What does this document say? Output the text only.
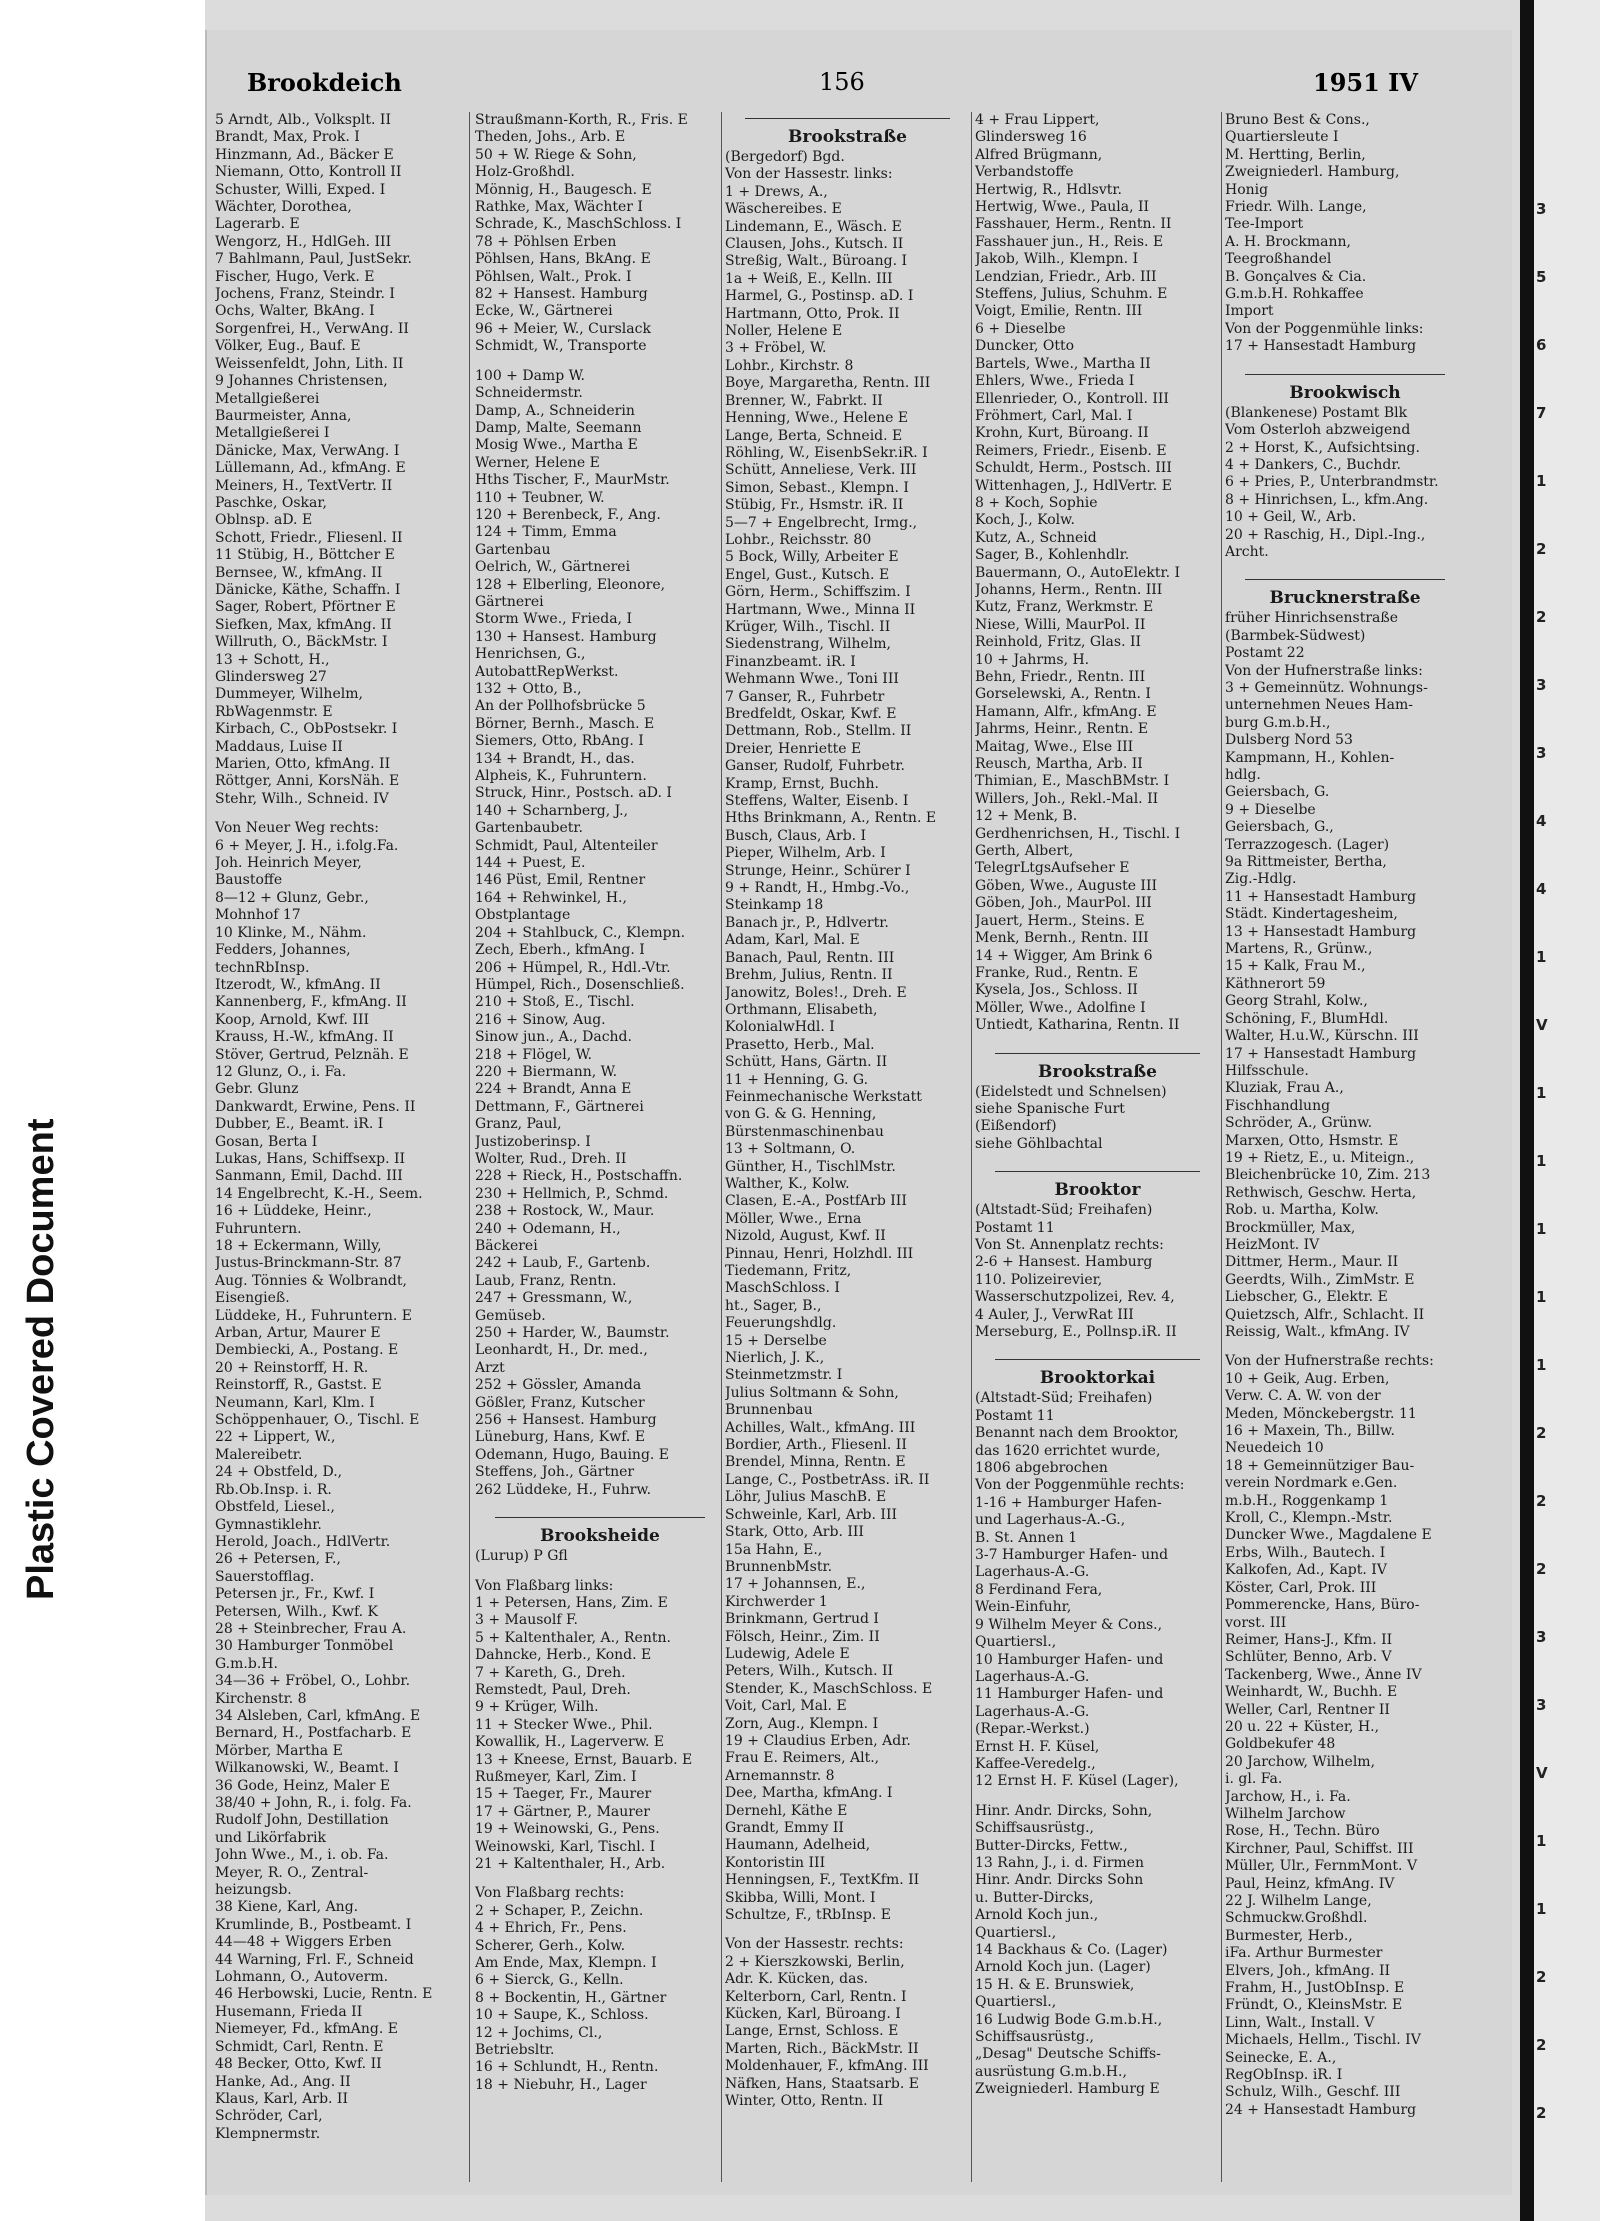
Plastic Covered Document
Brookdeich	156	1951 IV
5 Arndt, Alb., Volksplt. II
Brandt, Max, Prok. I
Hinzmann, Ad., Bäcker E
Niemann, Otto, Kontroll II
Schuster, Willi, Exped. I
Wächter, Dorothea,
Lagerarb. E
Wengorz, H., HdlGeh. III
7 Bahlmann, Paul, JustSekr.
Fischer, Hugo, Verk. E
Jochens, Franz, Steindr. I
Ochs, Walter, BkAng. I
Sorgenfrei, H., VerwAng. II
Völker, Eug., Bauf. E
Weissenfeldt, John, Lith. II
9 Johannes Christensen,
Metallgießerei
Baurmeister, Anna,
Metallgießerei I
Dänicke, Max, VerwAng. I
Lüllemann, Ad., kfmAng. E
Meiners, H., TextVertr. II
Paschke, Oskar,
Oblnsp. aD. E
Schott, Friedr., Fliesenl. II
11 Stübig, H., Böttcher E
Bernsee, W., kfmAng. II
Dänicke, Käthe, Schaffn. I
Sager, Robert, Pförtner E
Siefken, Max, kfmAng. II
Willruth, O., BäckMstr. I
13 + Schott, H.,
Glindersweg 27
Dummeyer, Wilhelm,
RbWagenmstr. E
Kirbach, C., ObPostsekr. I
Maddaus, Luise II
Marien, Otto, kfmAng. II
Röttger, Anni, KorsNäh. E
Stehr, Wilh., Schneid. IV
Von Neuer Weg rechts:
6 + Meyer, J. H., i.folg.Fa.
Joh. Heinrich Meyer,
Baustoffe
8—12 + Glunz, Gebr.,
Mohnhof 17
10 Klinke, M., Nähm.
Fedders, Johannes,
technRbInsp.
Itzerodt, W., kfmAng. II
Kannenberg, F., kfmAng. II
Koop, Arnold, Kwf. III
Krauss, H.-W., kfmAng. II
Stöver, Gertrud, Pelznäh. E
12 Glunz, O., i. Fa.
Gebr. Glunz
Dankwardt, Erwine, Pens. II
Dubber, E., Beamt. iR. I
Gosan, Berta I
Lukas, Hans, Schiffsexp. II
Sanmann, Emil, Dachd. III
14 Engelbrecht, K.-H., Seem.
16 + Lüddeke, Heinr.,
Fuhruntern.
18 + Eckermann, Willy,
Justus-Brinckmann-Str. 87
Aug. Tönnies & Wolbrandt,
Eisengieß.
Lüddeke, H., Fuhruntern. E
Arban, Artur, Maurer E
Dembiecki, A., Postang. E
20 + Reinstorff, H. R.
Reinstorff, R., Gastst. E
Neumann, Karl, Klm. I
Schöppenhauer, O., Tischl. E
22 + Lippert, W.,
Malereibetr.
24 + Obstfeld, D.,
Rb.Ob.Insp. i. R.
Obstfeld, Liesel.,
Gymnastiklehr.
Herold, Joach., HdlVertr.
26 + Petersen, F.,
Sauerstofflag.
Petersen jr., Fr., Kwf. I
Petersen, Wilh., Kwf. K
28 + Steinbrecher, Frau A.
30 Hamburger Tonmöbel
G.m.b.H.
34—36 + Fröbel, O., Lohbr.
Kirchenstr. 8
34 Alsleben, Carl, kfmAng. E
Bernard, H., Postfacharb. E
Mörber, Martha E
Wilkanowski, W., Beamt. I
36 Gode, Heinz, Maler E
38/40 + John, R., i. folg. Fa.
Rudolf John, Destillation
und Likörfabrik
John Wwe., M., i. ob. Fa.
Meyer, R. O., Zentral-
heizungsb.
38 Kiene, Karl, Ang.
Krumlinde, B., Postbeamt. I
44—48 + Wiggers Erben
44 Warning, Frl. F., Schneid
Lohmann, O., Autoverm.
46 Herbowski, Lucie, Rentn. E
Husemann, Frieda II
Niemeyer, Fd., kfmAng. E
Schmidt, Carl, Rentn. E
48 Becker, Otto, Kwf. II
Hanke, Ad., Ang. II
Klaus, Karl, Arb. II
Schröder, Carl,
Klempnermstr.
Straußmann-Korth, R., Fris. E
Theden, Johs., Arb. E
50 + W. Riege & Sohn,
Holz-Großhdl.
Mönnig, H., Baugesch. E
Rathke, Max, Wächter I
Schrade, K., MaschSchloss. I
78 + Pöhlsen Erben
Pöhlsen, Hans, BkAng. E
Pöhlsen, Walt., Prok. I
82 + Hansest. Hamburg
Ecke, W., Gärtnerei
96 + Meier, W., Curslack
Schmidt, W., Transporte
100 + Damp W.
Schneidermstr.
Damp, A., Schneiderin
Damp, Malte, Seemann
Mosig Wwe., Martha E
Werner, Helene E
Hths Tischer, F., MaurMstr.
110 + Teubner, W.
120 + Berenbeck, F., Ang.
124 + Timm, Emma
Gartenbau
Oelrich, W., Gärtnerei
128 + Elberling, Eleonore,
Gärtnerei
Storm Wwe., Frieda, I
130 + Hansest. Hamburg
Henrichsen, G.,
AutobattRepWerkst.
132 + Otto, B.,
An der Pollhofsbrücke 5
Börner, Bernh., Masch. E
Siemers, Otto, RbAng. I
134 + Brandt, H., das.
Alpheis, K., Fuhruntern.
Struck, Hinr., Postsch. aD. I
140 + Scharnberg, J.,
Gartenbaubetr.
Schmidt, Paul, Altenteiler
144 + Puest, E.
146 Püst, Emil, Rentner
164 + Rehwinkel, H.,
Obstplantage
204 + Stahlbuck, C., Klempn.
Zech, Eberh., kfmAng. I
206 + Hümpel, R., Hdl.-Vtr.
Hümpel, Rich., Dosenschließ.
210 + Stoß, E., Tischl.
216 + Sinow, Aug.
Sinow jun., A., Dachd.
218 + Flögel, W.
220 + Biermann, W.
224 + Brandt, Anna E
Dettmann, F., Gärtnerei
Granz, Paul,
Justizoberinsp. I
Wolter, Rud., Dreh. II
228 + Rieck, H., Postschaffn.
230 + Hellmich, P., Schmd.
238 + Rostock, W., Maur.
240 + Odemann, H.,
Bäckerei
242 + Laub, F., Gartenb.
Laub, Franz, Rentn.
247 + Gressmann, W.,
Gemüseb.
250 + Harder, W., Baumstr.
Leonhardt, H., Dr. med.,
Arzt
252 + Gössler, Amanda
Gößler, Franz, Kutscher
256 + Hansest. Hamburg
Lüneburg, Hans, Kwf. E
Odemann, Hugo, Bauing. E
Steffens, Joh., Gärtner
262 Lüddeke, H., Fuhrw.
Brooksheide
(Lurup) P Gfl
Von Flaßbarg links:
1 + Petersen, Hans, Zim. E
3 + Mausolf F.
5 + Kaltenthaler, A., Rentn.
Dahncke, Herb., Kond. E
7 + Kareth, G., Dreh.
Remstedt, Paul, Dreh.
9 + Krüger, Wilh.
11 + Stecker Wwe., Phil.
Kowallik, H., Lagerverw. E
13 + Kneese, Ernst, Bauarb. E
Rußmeyer, Karl, Zim. I
15 + Taeger, Fr., Maurer
17 + Gärtner, P., Maurer
19 + Weinowski, G., Pens.
Weinowski, Karl, Tischl. I
21 + Kaltenthaler, H., Arb.
Von Flaßbarg rechts:
2 + Schaper, P., Zeichn.
4 + Ehrich, Fr., Pens.
Scherer, Gerh., Kolw.
Am Ende, Max, Klempn. I
6 + Sierck, G., Kelln.
8 + Bockentin, H., Gärtner
10 + Saupe, K., Schloss.
12 + Jochims, Cl.,
Betriebsltr.
16 + Schlundt, H., Rentn.
18 + Niebuhr, H., Lager
Brookstraße
(Bergedorf) Bgd.
Von der Hassestr. links:
1 + Drews, A.,
Wäschereibes. E
Lindemann, E., Wäsch. E
Clausen, Johs., Kutsch. II
Streßig, Walt., Büroang. I
1a + Weiß, E., Kelln. III
Harmel, G., Postinsp. aD. I
Hartmann, Otto, Prok. II
Noller, Helene E
3 + Fröbel, W.
Lohbr., Kirchstr. 8
Boye, Margaretha, Rentn. III
Brenner, W., Fabrkt. II
Henning, Wwe., Helene E
Lange, Berta, Schneid. E
Röhling, W., EisenbSekr.iR. I
Schütt, Anneliese, Verk. III
Simon, Sebast., Klempn. I
Stübig, Fr., Hsmstr. iR. II
5—7 + Engelbrecht, Irmg.,
Lohbr., Reichsstr. 80
5 Bock, Willy, Arbeiter E
Engel, Gust., Kutsch. E
Görn, Herm., Schiffszim. I
Hartmann, Wwe., Minna II
Krüger, Wilh., Tischl. II
Siedenstrang, Wilhelm,
Finanzbeamt. iR. I
Wehmann Wwe., Toni III
7 Ganser, R., Fuhrbetr
Bredfeldt, Oskar, Kwf. E
Dettmann, Rob., Stellm. II
Dreier, Henriette E
Ganser, Rudolf, Fuhrbetr.
Kramp, Ernst, Buchh.
Steffens, Walter, Eisenb. I
Hths Brinkmann, A., Rentn. E
Busch, Claus, Arb. I
Pieper, Wilhelm, Arb. I
Strunge, Heinr., Schürer I
9 + Randt, H., Hmbg.-Vo.,
Steinkamp 18
Banach jr., P., Hdlvertr.
Adam, Karl, Mal. E
Banach, Paul, Rentn. III
Brehm, Julius, Rentn. II
Janowitz, Boles!., Dreh. E
Orthmann, Elisabeth,
KolonialwHdl. I
Prasetto, Herb., Mal.
Schütt, Hans, Gärtn. II
11 + Henning, G. G.
Feinmechanische Werkstatt
von G. & G. Henning,
Bürstenmaschinenbau
13 + Soltmann, O.
Günther, H., TischlMstr.
Walther, K., Kolw.
Clasen, E.-A., PostfArb III
Möller, Wwe., Erna
Nizold, August, Kwf. II
Pinnau, Henri, Holzhdl. III
Tiedemann, Fritz,
MaschSchloss. I
ht., Sager, B.,
Feuerungshdlg.
15 + Derselbe
Nierlich, J. K.,
Steinmetzmstr. I
Julius Soltmann & Sohn,
Brunnenbau
Achilles, Walt., kfmAng. III
Bordier, Arth., Fliesenl. II
Brendel, Minna, Rentn. E
Lange, C., PostbetrAss. iR. II
Löhr, Julius MaschB. E
Schweinle, Karl, Arb. III
Stark, Otto, Arb. III
15a Hahn, E.,
BrunnenbMstr.
17 + Johannsen, E.,
Kirchwerder 1
Brinkmann, Gertrud I
Fölsch, Heinr., Zim. II
Ludewig, Adele E
Peters, Wilh., Kutsch. II
Stender, K., MaschSchloss. E
Voit, Carl, Mal. E
Zorn, Aug., Klempn. I
19 + Claudius Erben, Adr.
Frau E. Reimers, Alt.,
Arnemannstr. 8
Dee, Martha, kfmAng. I
Dernehl, Käthe E
Grandt, Emmy II
Haumann, Adelheid,
Kontoristin III
Henningsen, F., TextKfm. II
Skibba, Willi, Mont. I
Schultze, F., tRbInsp. E
Von der Hassestr. rechts:
2 + Kierszkowski, Berlin,
Adr. K. Kücken, das.
Kelterborn, Carl, Rentn. I
Kücken, Karl, Büroang. I
Lange, Ernst, Schloss. E
Marten, Rich., BäckMstr. II
Moldenhauer, F., kfmAng. III
Näfken, Hans, Staatsarb. E
Winter, Otto, Rentn. II
4 + Frau Lippert,
Glindersweg 16
Alfred Brügmann,
Verbandstoffe
Hertwig, R., Hdlsvtr.
Hertwig, Wwe., Paula, II
Fasshauer, Herm., Rentn. II
Fasshauer jun., H., Reis. E
Jakob, Wilh., Klempn. I
Lendzian, Friedr., Arb. III
Steffens, Julius, Schuhm. E
Voigt, Emilie, Rentn. III
6 + Dieselbe
Duncker, Otto
Bartels, Wwe., Martha II
Ehlers, Wwe., Frieda I
Ellenrieder, O., Kontroll. III
Fröhmert, Carl, Mal. I
Krohn, Kurt, Büroang. II
Reimers, Friedr., Eisenb. E
Schuldt, Herm., Postsch. III
Wittenhagen, J., HdlVertr. E
8 + Koch, Sophie
Koch, J., Kolw.
Kutz, A., Schneid
Sager, B., Kohlenhdlr.
Bauermann, O., AutoElektr. I
Johanns, Herm., Rentn. III
Kutz, Franz, Werkmstr. E
Niese, Willi, MaurPol. II
Reinhold, Fritz, Glas. II
10 + Jahrms, H.
Behn, Friedr., Rentn. III
Gorselewski, A., Rentn. I
Hamann, Alfr., kfmAng. E
Jahrms, Heinr., Rentn. E
Maitag, Wwe., Else III
Reusch, Martha, Arb. II
Thimian, E., MaschBMstr. I
Willers, Joh., Rekl.-Mal. II
12 + Menk, B.
Gerdhenrichsen, H., Tischl. I
Gerth, Albert,
TelegrLtgsAufseher E
Göben, Wwe., Auguste III
Göben, Joh., MaurPol. III
Jauert, Herm., Steins. E
Menk, Bernh., Rentn. III
14 + Wigger, Am Brink 6
Franke, Rud., Rentn. E
Kysela, Jos., Schloss. II
Möller, Wwe., Adolfine I
Untiedt, Katharina, Rentn. II
Brookstraße
(Eidelstedt und Schnelsen)
siehe Spanische Furt
(Eißendorf)
siehe Göhlbachtal
Brooktor
(Altstadt-Süd; Freihafen)
Postamt 11
Von St. Annenplatz rechts:
2-6 + Hansest. Hamburg
110. Polizeirevier,
Wasserschutzpolizei, Rev. 4,
4 Auler, J., VerwRat III
Merseburg, E., Pollnsp.iR. II
Brooktorkai
(Altstadt-Süd; Freihafen)
Postamt 11
Benannt nach dem Brooktor,
das 1620 errichtet wurde,
1806 abgebrochen
Von der Poggenmühle rechts:
1-16 + Hamburger Hafen-
und Lagerhaus-A.-G.,
B. St. Annen 1
3-7 Hamburger Hafen- und
Lagerhaus-A.-G.
8 Ferdinand Fera,
Wein-Einfuhr,
9 Wilhelm Meyer & Cons.,
Quartiersl.,
10 Hamburger Hafen- und
Lagerhaus-A.-G.
11 Hamburger Hafen- und
Lagerhaus-A.-G.
(Repar.-Werkst.)
Ernst H. F. Küsel,
Kaffee-Veredelg.,
12 Ernst H. F. Küsel (Lager),
Hinr. Andr. Dircks, Sohn,
Schiffsausrüstg.,
Butter-Dircks, Fettw.,
13 Rahn, J., i. d. Firmen
Hinr. Andr. Dircks Sohn
u. Butter-Dircks,
Arnold Koch jun.,
Quartiersl.,
14 Backhaus & Co. (Lager)
Arnold Koch jun. (Lager)
15 H. & E. Brunswiek,
Quartiersl.,
16 Ludwig Bode G.m.b.H.,
Schiffsausrüstg.,
„Desag" Deutsche Schiffs-
ausrüstung G.m.b.H.,
Zweigniederl. Hamburg E
Bruno Best & Cons.,
Quartiersleute I
M. Hertting, Berlin,
Zweigniederl. Hamburg,
Honig
Friedr. Wilh. Lange,
Tee-Import
A. H. Brockmann,
Teegroßhandel
B. Gonçalves & Cia.
G.m.b.H. Rohkaffee
Import
Von der Poggenmühle links:
17 + Hansestadt Hamburg
Brookwisch
(Blankenese) Postamt Blk
Vom Osterloh abzweigend
2 + Horst, K., Aufsichtsing.
4 + Dankers, C., Buchdr.
6 + Pries, P., Unterbrandmstr.
8 + Hinrichsen, L., kfm.Ang.
10 + Geil, W., Arb.
20 + Raschig, H., Dipl.-Ing.,
Archt.
Brucknerstraße
früher Hinrichsenstraße
(Barmbek-Südwest)
Postamt 22
Von der Hufnerstraße links:
3 + Gemeinnütz. Wohnungs-
unternehmen Neues Ham-
burg G.m.b.H.,
Dulsberg Nord 53
Kampmann, H., Kohlen-
hdlg.
Geiersbach, G.
9 + Dieselbe
Geiersbach, G.,
Terrazzogesch. (Lager)
9a Rittmeister, Bertha,
Zig.-Hdlg.
11 + Hansestadt Hamburg
Städt. Kindertagesheim,
13 + Hansestadt Hamburg
Martens, R., Grünw.,
15 + Kalk, Frau M.,
Käthnerort 59
Georg Strahl, Kolw.,
Schöning, F., BlumHdl.
Walter, H.u.W., Kürschn. III
17 + Hansestadt Hamburg
Hilfsschule.
Kluziak, Frau A.,
Fischhandlung
Schröder, A., Grünw.
Marxen, Otto, Hsmstr. E
19 + Rietz, E., u. Miteign.,
Bleichenbrücke 10, Zim. 213
Rethwisch, Geschw. Herta,
Rob. u. Martha, Kolw.
Brockmüller, Max,
HeizMont. IV
Dittmer, Herm., Maur. II
Geerdts, Wilh., ZimMstr. E
Liebscher, G., Elektr. E
Quietzsch, Alfr., Schlacht. II
Reissig, Walt., kfmAng. IV
Von der Hufnerstraße rechts:
10 + Geik, Aug. Erben,
Verw. C. A. W. von der
Meden, Mönckebergstr. 11
16 + Maxein, Th., Billw.
Neuedeich 10
18 + Gemeinnütziger Bau-
verein Nordmark e.Gen.
m.b.H., Roggenkamp 1
Kroll, C., Klempn.-Mstr.
Duncker Wwe., Magdalene E
Erbs, Wilh., Bautech. I
Kalkofen, Ad., Kapt. IV
Köster, Carl, Prok. III
Pommerencke, Hans, Büro-
vorst. III
Reimer, Hans-J., Kfm. II
Schlüter, Benno, Arb. V
Tackenberg, Wwe., Änne IV
Weinhardt, W., Buchh. E
Weller, Carl, Rentner II
20 u. 22 + Küster, H.,
Goldbekufer 48
20 Jarchow, Wilhelm,
i. gl. Fa.
Jarchow, H., i. Fa.
Wilhelm Jarchow
Rose, H., Techn. Büro
Kirchner, Paul, Schiffst. III
Müller, Ulr., FernmMont. V
Paul, Heinz, kfmAng. IV
22 J. Wilhelm Lange,
Schmuckw.Großhdl.
Burmester, Herb.,
iFa. Arthur Burmester
Elvers, Joh., kfmAng. II
Frahm, H., JustObInsp. E
Fründt, O., KleinsMstr. E
Linn, Walt., Install. V
Michaels, Hellm., Tischl. IV
Seinecke, E. A.,
RegObInsp. iR. I
Schulz, Wilh., Geschf. III
24 + Hansestadt Hamburg
3
5
6
7
1
2
2
3
3
4
4
1
V
1
1
1
1
1
2
2
2
3
3
V
1
1
2
2
2
